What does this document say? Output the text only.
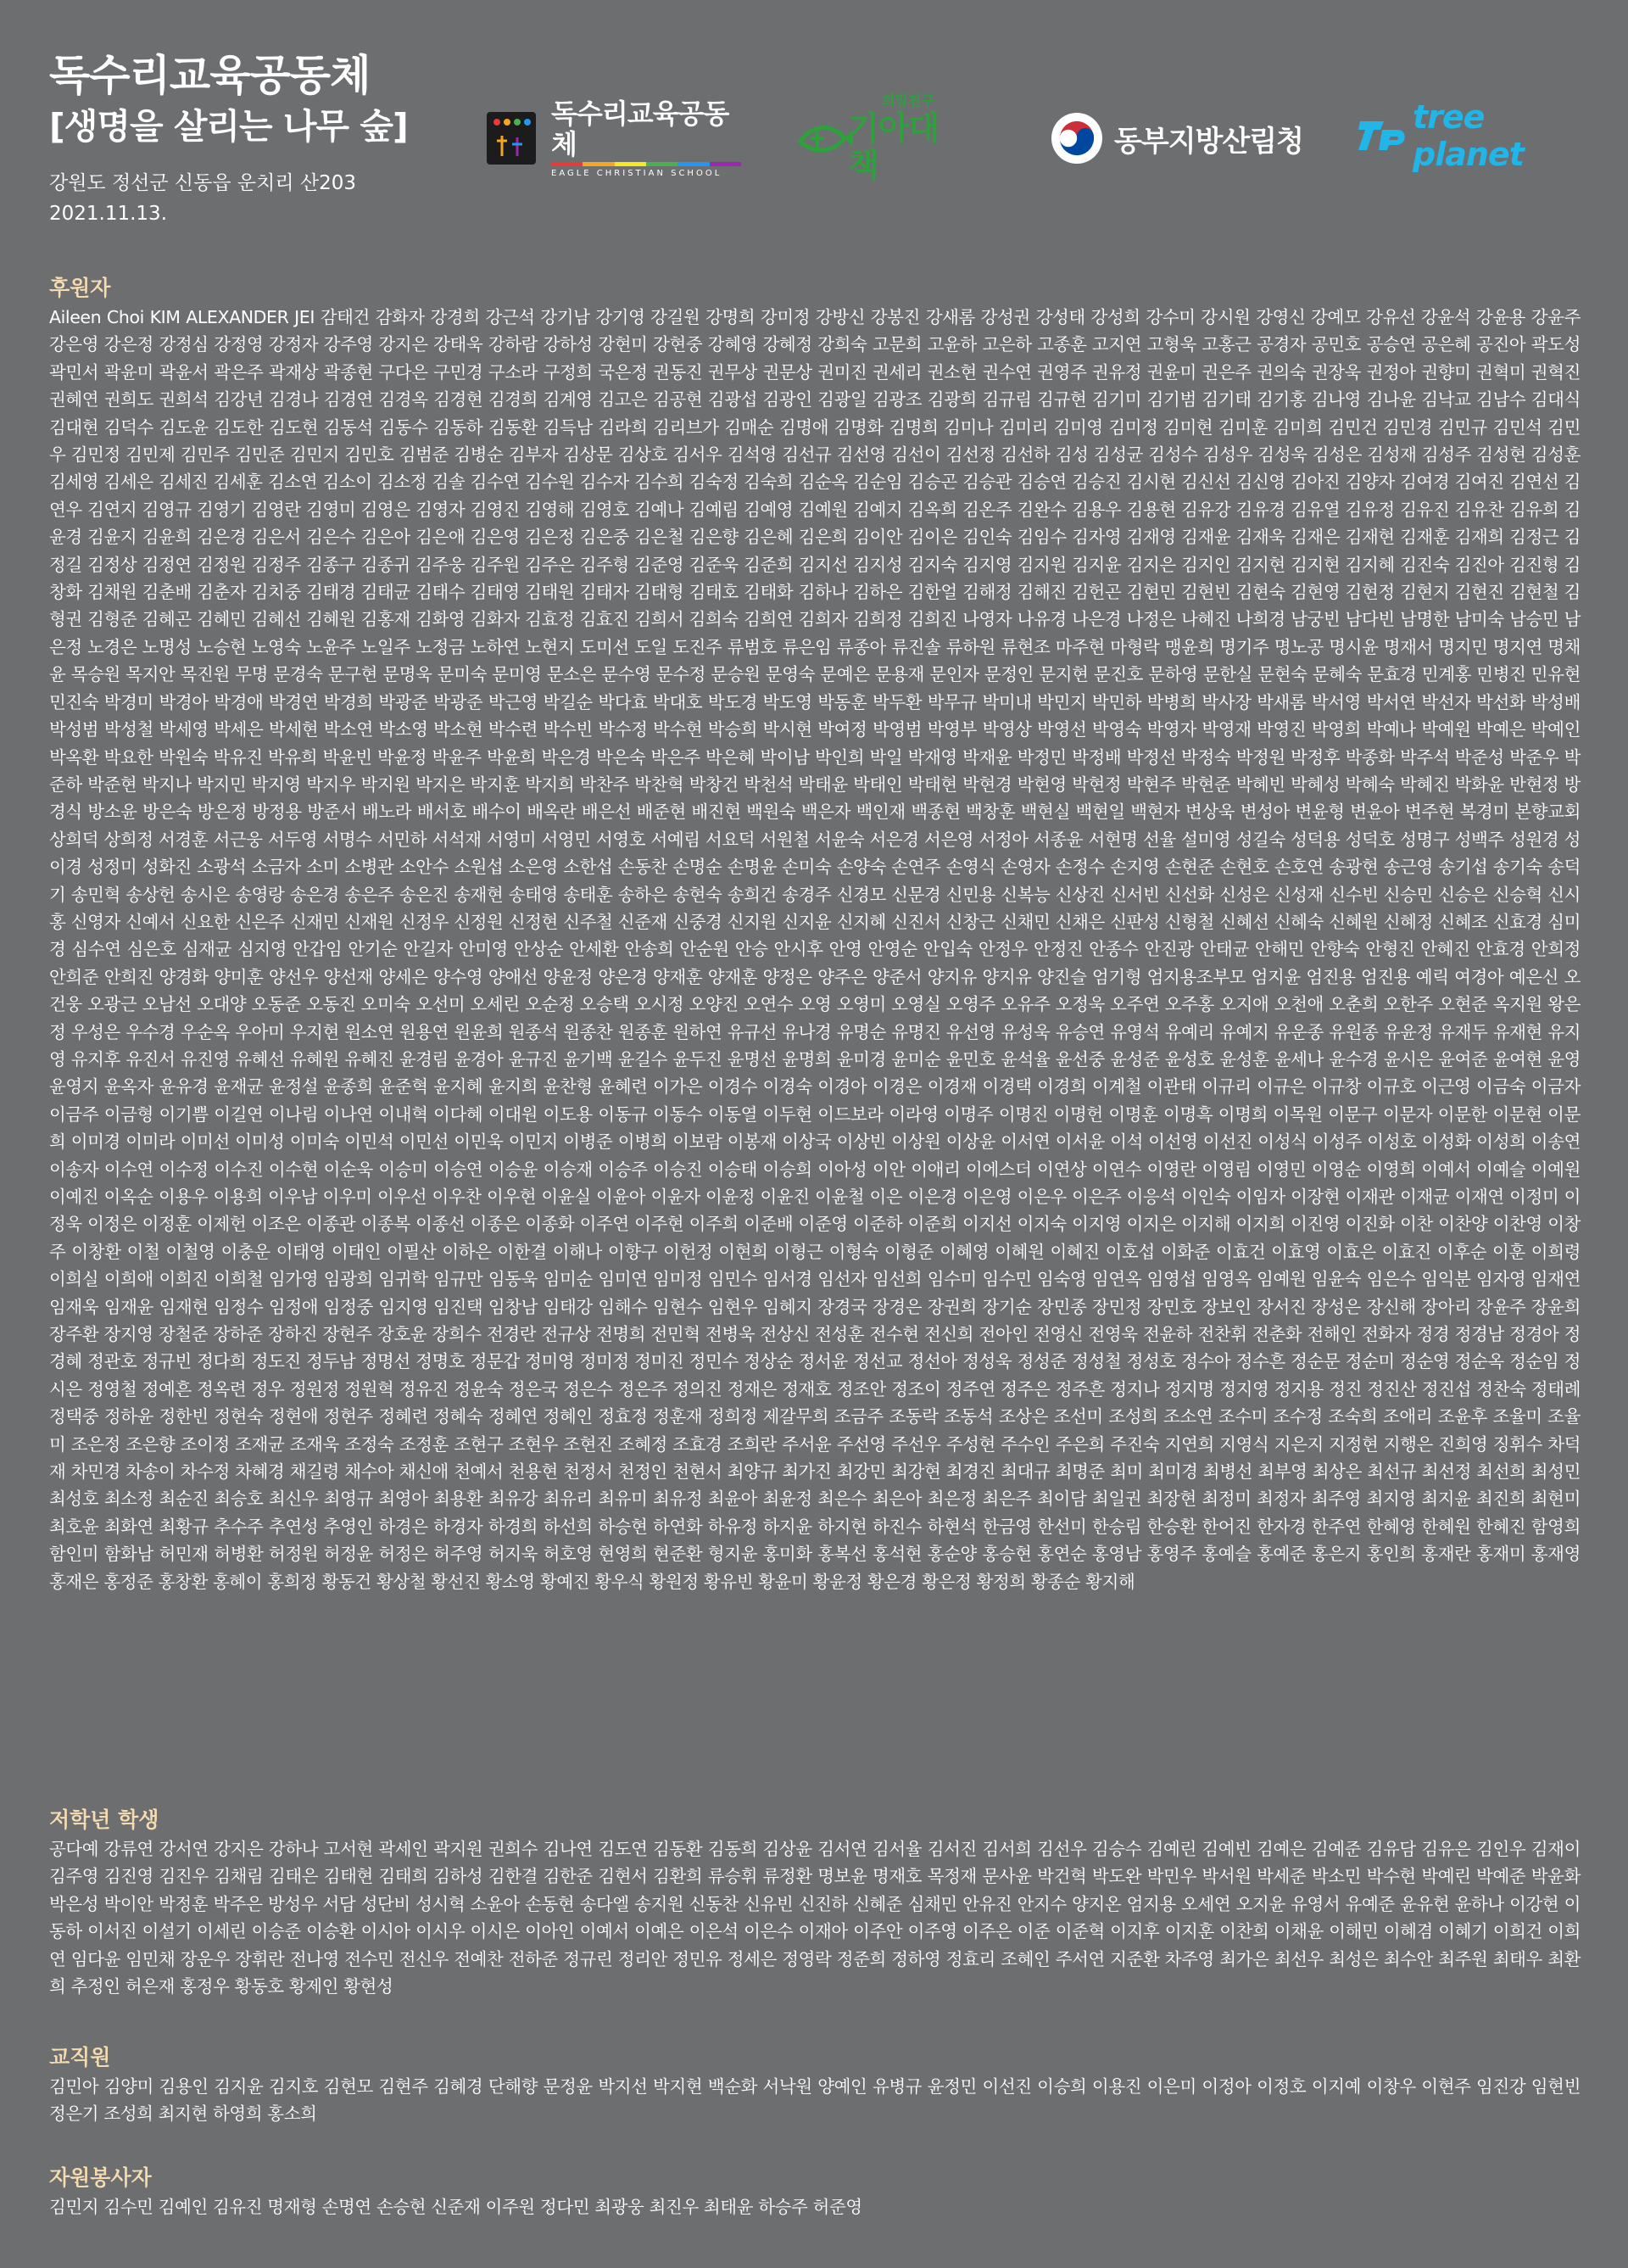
독수리교육공동체
[생명을 살리는 나무 숲]
강원도 정선군 신동읍 운치리 산203
2021.11.13.
독수리교육공동체
EAGLE CHRISTIAN SCHOOL
희망친구
기아대책
동부지방산림청
tree planet
후원자

Aileen Choi KIM ALEXANDER JEI 감태건 감화자 강경희 강근석 강기남 강기영 강길원 강명희 강미정 강방신 강봉진 강새롬 강성권 강성태 강성희 강수미 강시원 강영신 강예모 강유선 강윤석 강윤용 강윤주 강은영 강은정 강정심 강정영 강정자 강주영 강지은 강태욱 강하람 강하성 강현미 강현중 강혜영 강혜정 강희숙 고문희 고윤하 고은하 고종훈 고지연 고형욱 고홍근 공경자 공민호 공승연 공은혜 공진아 곽도성 곽민서 곽윤미 곽윤서 곽은주 곽재상 곽종현 구다은 구민경 구소라 구정희 국은정 권동진 권무상 권문상 권미진 권세리 권소현 권수연 권영주 권유정 권윤미 권은주 권의숙 권장욱 권정아 권향미 권혁미 권혁진 권혜연 권희도 권희석 김강년 김경나 김경연 김경옥 김경현 김경희 김계영 김고은 김공현 김광섭 김광인 김광일 김광조 김광희 김규림 김규현 김기미 김기범 김기태 김기홍 김나영 김나윤 김낙교 김남수 김대식 김대현 김덕수 김도윤 김도한 김도현 김동석 김동수 김동하 김동환 김득남 김라희 김리브가 김매순 김명애 김명화 김명희 김미나 김미리 김미영 김미정 김미현 김미훈 김미희 김민건 김민경 김민규 김민석 김민우 김민정 김민제 김민주 김민준 김민지 김민호 김범준 김병순 김부자 김상문 김상호 김서우 김석영 김선규 김선영 김선이 김선정 김선하 김성 김성균 김성수 김성우 김성욱 김성은 김성재 김성주 김성현 김성훈 김세영 김세은 김세진 김세훈 김소연 김소이 김소정 김솔 김수연 김수원 김수자 김수희 김숙정 김숙희 김순옥 김순임 김승곤 김승관 김승연 김승진 김시현 김신선 김신영 김아진 김양자 김여경 김여진 김연선 김연우 김연지 김영규 김영기 김영란 김영미 김영은 김영자 김영진 김영해 김영호 김예나 김예림 김예영 김예원 김예지 김옥희 김온주 김완수 김용우 김용현 김유강 김유경 김유열 김유정 김유진 김유찬 김유희 김윤경 김윤지 김윤희 김은경 김은서 김은수 김은아 김은애 김은영 김은정 김은중 김은철 김은향 김은혜 김은희 김이안 김이은 김인숙 김임수 김자영 김재영 김재윤 김재욱 김재은 김재현 김재훈 김재희 김정근 김정길 김정상 김정연 김정원 김정주 김종구 김종귀 김주웅 김주원 김주은 김주형 김준영 김준욱 김준희 김지선 김지성 김지숙 김지영 김지원 김지윤 김지은 김지인 김지현 김지현 김지혜 김진숙 김진아 김진형 김창화 김채원 김춘배 김춘자 김치중 김태경 김태균 김태수 김태영 김태원 김태자 김태형 김태호 김태화 김하나 김하은 김한얼 김해정 김해진 김헌곤 김현민 김현빈 김현숙 김현영 김현정 김현지 김현진 김현철 김형권 김형준 김혜곤 김혜민 김혜선 김혜원 김홍재 김화영 김화자 김효정 김효진 김희서 김희숙 김희연 김희자 김희정 김희진 나영자 나유경 나은경 나정은 나혜진 나희경 남궁빈 남다빈 남명한 남미숙 남승민 남은정 노경은 노명성 노승현 노영숙 노윤주 노일주 노정금 노하연 노현지 도미선 도일 도진주 류범호 류은임 류종아 류진솔 류하원 류현조 마주현 마형락 맹윤희 명기주 명노공 명시윤 명재서 명지민 명지연 명채윤 목승원 목지안 목진원 무명 문경숙 문구현 문명욱 문미숙 문미영 문소은 문수영 문수정 문승원 문영숙 문예은 문용재 문인자 문정인 문지현 문진호 문하영 문한실 문현숙 문혜숙 문효경 민계홍 민병진 민유현 민진숙 박경미 박경아 박경애 박경연 박경희 박광준 박광준 박근영 박길순 박다효 박대호 박도경 박도영 박동훈 박두환 박무규 박미내 박민지 박민하 박병희 박사장 박새롬 박서영 박서연 박선자 박선화 박성배 박성범 박성철 박세영 박세은 박세현 박소연 박소영 박소현 박수련 박수빈 박수정 박수현 박승희 박시현 박여정 박영범 박영부 박영상 박영선 박영숙 박영자 박영재 박영진 박영희 박예나 박예원 박예은 박예인 박옥환 박요한 박원숙 박유진 박유희 박윤빈 박윤정 박윤주 박윤희 박은경 박은숙 박은주 박은혜 박이남 박인희 박일 박재영 박재윤 박정민 박정배 박정선 박정숙 박정원 박정후 박종화 박주석 박준성 박준우 박준하 박준현 박지나 박지민 박지영 박지우 박지원 박지은 박지훈 박지희 박찬주 박찬혁 박창건 박천석 박태윤 박태인 박태현 박현경 박현영 박현정 박현주 박현준 박혜빈 박혜성 박혜숙 박혜진 박화윤 반현정 방경식 방소윤 방은숙 방은정 방정용 방준서 배노라 배서호 배수이 배옥란 배은선 배준현 배진현 백원숙 백은자 백인재 백종현 백창훈 백현실 백현일 백현자 변상욱 변성아 변윤형 변윤아 변주현 복경미 본향교회 상희덕 상희정 서경훈 서근웅 서두영 서명수 서민하 서석재 서영미 서영민 서영호 서예림 서요덕 서원철 서윤숙 서은경 서은영 서정아 서종윤 서현명 선율 설미영 성길숙 성덕용 성덕호 성명구 성백주 성원경 성이경 성정미 성화진 소광석 소금자 소미 소병관 소안수 소원섭 소은영 소한섭 손동찬 손명순 손명윤 손미숙 손양숙 손연주 손영식 손영자 손정수 손지영 손현준 손현호 손호연 송광현 송근영 송기섭 송기숙 송덕기 송민혁 송상헌 송시은 송영랑 송은경 송은주 송은진 송재현 송태영 송태훈 송하은 송현숙 송희건 송경주 신경모 신문경 신민용 신복능 신상진 신서빈 신선화 신성은 신성재 신수빈 신승민 신승은 신승혁 신시홍 신영자 신예서 신요한 신은주 신재민 신재원 신정우 신정원 신정현 신주철 신준재 신중경 신지원 신지윤 신지혜 신진서 신창근 신채민 신채은 신판성 신형철 신혜선 신혜숙 신혜원 신혜정 신혜조 신효경 심미경 심수연 심은호 심재균 심지영 안갑임 안기순 안길자 안미영 안상순 안세환 안송희 안순원 안승 안시후 안영 안영순 안입숙 안정우 안정진 안종수 안진광 안태균 안해민 안향숙 안형진 안혜진 안효경 안희정 안희준 안희진 양경화 양미훈 양선우 양선재 양세은 양수영 양애선 양윤정 양은경 양재훈 양재훈 양정은 양주은 양준서 양지유 양지유 양진슬 엄기형 엄지용조부모 엄지윤 엄진용 엄진용 예릭 여경아 예은신 오건웅 오광근 오남선 오대양 오동준 오동진 오미숙 오선미 오세린 오순정 오승택 오시정 오양진 오연수 오영 오영미 오영실 오영주 오유주 오정욱 오주연 오주홍 오지애 오천애 오춘희 오한주 오현준 옥지원 왕은정 우성은 우수경 우순옥 우아미 우지현 원소연 원용연 원윤희 원종석 원종찬 원종훈 원하연 유규선 유나경 유명순 유명진 유선영 유성욱 유승연 유영석 유예리 유예지 유운종 유원종 유윤정 유재두 유재현 유지영 유지후 유진서 유진영 유혜선 유혜원 유혜진 윤경림 윤경아 윤규진 윤기백 윤길수 윤두진 윤명선 윤명희 윤미경 윤미순 윤민호 윤석율 윤선중 윤성준 윤성호 윤성훈 윤세나 윤수경 윤시은 윤여준 윤여현 윤영 윤영지 윤옥자 윤유경 윤재균 윤정설 윤종희 윤준혁 윤지혜 윤지희 윤찬형 윤혜련 이가은 이경수 이경숙 이경아 이경은 이경재 이경택 이경희 이계철 이관태 이규리 이규은 이규창 이규호 이근영 이금숙 이금자 이금주 이금형 이기쁨 이길연 이나림 이나연 이내혁 이다혜 이대원 이도용 이동규 이동수 이동열 이두현 이드보라 이라영 이명주 이명진 이명헌 이명훈 이명흑 이명희 이목원 이문구 이문자 이문한 이문현 이문희 이미경 이미라 이미선 이미성 이미숙 이민석 이민선 이민욱 이민지 이병준 이병희 이보람 이봉재 이상국 이상빈 이상원 이상윤 이서연 이서윤 이석 이선영 이선진 이성식 이성주 이성호 이성화 이성희 이송연 이송자 이수연 이수정 이수진 이수현 이순욱 이승미 이승연 이승윤 이승재 이승주 이승진 이승태 이승희 이아성 이안 이애리 이에스더 이연상 이연수 이영란 이영림 이영민 이영순 이영희 이예서 이예슬 이예원 이예진 이옥순 이용우 이용희 이우남 이우미 이우선 이우찬 이우현 이윤실 이윤아 이윤자 이윤정 이윤진 이윤철 이은 이은경 이은영 이은우 이은주 이응석 이인숙 이임자 이장현 이재관 이재균 이재연 이정미 이정욱 이정은 이정훈 이제헌 이조은 이종관 이종복 이종선 이종은 이종화 이주연 이주현 이주희 이준배 이준영 이준하 이준희 이지선 이지숙 이지영 이지은 이지해 이지희 이진영 이진화 이찬 이찬양 이찬영 이창주 이창환 이철 이철영 이충운 이태영 이태인 이필산 이하은 이한결 이해나 이향구 이헌정 이현희 이형근 이형숙 이형준 이혜영 이혜원 이혜진 이호섭 이화준 이효건 이효영 이효은 이효진 이후순 이훈 이희령 이희실 이희애 이희진 이희철 임가영 임광희 임귀학 임규만 임동욱 임미순 임미연 임미정 임민수 임서경 임선자 임선희 임수미 임수민 임숙영 임연옥 임영섭 임영옥 임예원 임윤숙 임은수 임익분 임자영 임재연 임재욱 임재윤 임재현 임정수 임정애 임정중 임지영 임진택 임창남 임태강 임해수 임현수 임현우 임혜지 장경국 장경은 장권희 장기순 장민종 장민정 장민호 장보인 장서진 장성은 장신해 장아리 장윤주 장윤희 장주환 장지영 장철준 장하준 장하진 장현주 장호윤 장희수 전경란 전규상 전명희 전민혁 전병욱 전상신 전성훈 전수현 전신희 전아인 전영신 전영욱 전윤하 전찬휘 전춘화 전해인 전화자 정경 정경남 정경아 정경혜 정관호 정규빈 정다희 정도진 정두남 정명선 정명호 정문갑 정미영 정미정 정미진 정민수 정상순 정서윤 정선교 정선아 정성욱 정성준 정성철 정성호 정수아 정수흔 정순문 정순미 정순영 정순옥 정순임 정시은 정영철 정예흔 정옥련 정우 정원정 정원혁 정유진 정윤숙 정은국 정은수 정은주 정의진 정재은 정재호 정조안 정조이 정주연 정주은 정주흔 정지나 정지명 정지영 정지용 정진 정진산 정진섭 정찬숙 정태례 정택중 정하윤 정한빈 정현숙 정현애 정현주 정혜련 정혜숙 정혜연 정혜인 정효정 정훈재 정희정 제갈무희 조금주 조동락 조동석 조상은 조선미 조성희 조소연 조수미 조수정 조숙희 조애리 조윤후 조율미 조율미 조은정 조은향 조이정 조재균 조재욱 조정숙 조정훈 조현구 조현우 조현진 조혜정 조효경 조희란 주서윤 주선영 주선우 주성현 주수인 주은희 주진숙 지연희 지영식 지은지 지정현 지행은 진희영 징휘수 차덕재 차민경 차송이 차수정 차혜경 채길령 채수아 채신애 천예서 천용현 천정서 천정인 천현서 최양규 최가진 최강민 최강현 최경진 최대규 최명준 최미 최미경 최병선 최부영 최상은 최선규 최선정 최선희 최성민 최성호 최소정 최순진 최승호 최신우 최영규 최영아 최용환 최유강 최유리 최유미 최유정 최윤아 최윤정 최은수 최은아 최은정 최은주 최이담 최일권 최장현 최정미 최정자 최주영 최지영 최지윤 최진희 최현미 최호윤 최화연 최황규 추수주 추연성 추영인 하경은 하경자 하경희 하선희 하승현 하연화 하유정 하지윤 하지현 하진수 하현석 한금영 한선미 한승림 한승환 한어진 한자경 한주연 한혜영 한혜원 한혜진 함영희 함인미 함화남 허민재 허병환 허정원 허정윤 허정은 허주영 허지욱 허호영 현영희 현준환 형지윤 홍미화 홍복선 홍석현 홍순양 홍승현 홍연순 홍영남 홍영주 홍예슬 홍예준 홍은지 홍인희 홍재란 홍재미 홍재영 홍재은 홍정준 홍창환 홍혜이 홍희정 황동건 황상철 황선진 황소영 황예진 황우식 황원정 황유빈 황윤미 황윤정 황은경 황은정 황정희 황종순 황지해

저학년 학생

공다예 강류연 강서연 강지은 강하나 고서현 곽세인 곽지원 권희수 김나연 김도연 김동환 김동희 김상윤 김서연 김서율 김서진 김서희 김선우 김승수 김예린 김예빈 김예은 김예준 김유담 김유은 김인우 김재이 김주영 김진영 김진우 김채림 김태은 김태현 김태희 김하성 김한결 김한준 김현서 김환희 류승휘 류정환 명보윤 명재호 목정재 문사윤 박건혁 박도완 박민우 박서원 박세준 박소민 박수현 박예린 박예준 박윤화 박은성 박이안 박정훈 박주은 방성우 서담 성단비 성시혁 소윤아 손동현 송다엘 송지원 신동찬 신유빈 신진하 신혜준 심채민 안유진 안지수 양지온 엄지용 오세연 오지윤 유영서 유예준 윤유현 윤하나 이강현 이동하 이서진 이설기 이세린 이승준 이승환 이시아 이시우 이시은 이아인 이예서 이예은 이은석 이은수 이재아 이주안 이주영 이주은 이준 이준혁 이지후 이지훈 이찬희 이채윤 이해민 이혜겸 이혜기 이희건 이희연 임다윤 임민채 장운우 장휘란 전나영 전수민 전신우 전예찬 전하준 정규린 정리안 정민유 정세은 정영락 정준희 정하영 정효리 조혜인 주서연 지준환 차주영 최가은 최선우 최성은 최수안 최주원 최태우 최환희 추정인 허은재 홍정우 황동호 황제인 황현성

교직원

김민아 김양미 김용인 김지윤 김지호 김현모 김현주 김혜경 단해향 문정윤 박지선 박지현 백순화 서낙원 양예인 유병규 윤정민 이선진 이승희 이용진 이은미 이정아 이정호 이지예 이창우 이현주 임진강 임현빈 정은기 조성희 최지현 하영희 홍소희

자원봉사자

김민지 김수민 김예인 김유진 명재형 손명연 손승현 신준재 이주원 정다민 최광웅 최진우 최태윤 하승주 허준영
